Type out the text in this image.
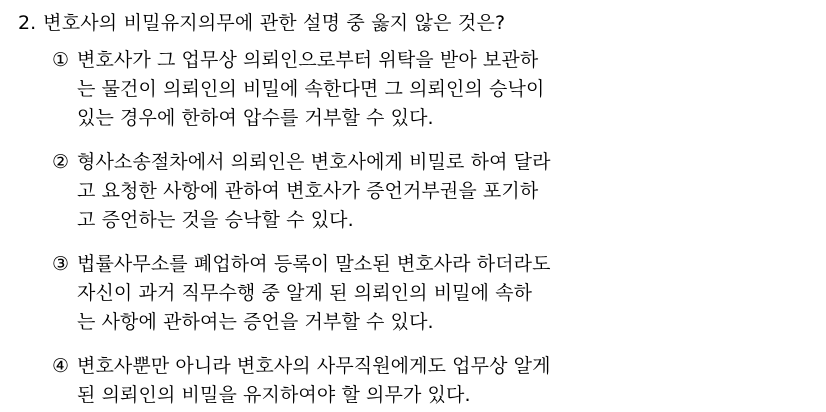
2. 변호사의 비밀유지의무에 관한 설명 중 옳지 않은 것은?
① 변호사가 그 업무상 의뢰인으로부터 위탁을 받아 보관하
는 물건이 의뢰인의 비밀에 속한다면 그 의뢰인의 승낙이
있는 경우에 한하여 압수를 거부할 수 있다.
② 형사소송절차에서 의뢰인은 변호사에게 비밀로 하여 달라
고 요청한 사항에 관하여 변호사가 증언거부권을 포기하
고 증언하는 것을 승낙할 수 있다.
③ 법률사무소를 폐업하여 등록이 말소된 변호사라 하더라도
자신이 과거 직무수행 중 알게 된 의뢰인의 비밀에 속하
는 사항에 관하여는 증언을 거부할 수 있다.
④ 변호사뿐만 아니라 변호사의 사무직원에게도 업무상 알게
된 의뢰인의 비밀을 유지하여야 할 의무가 있다.
